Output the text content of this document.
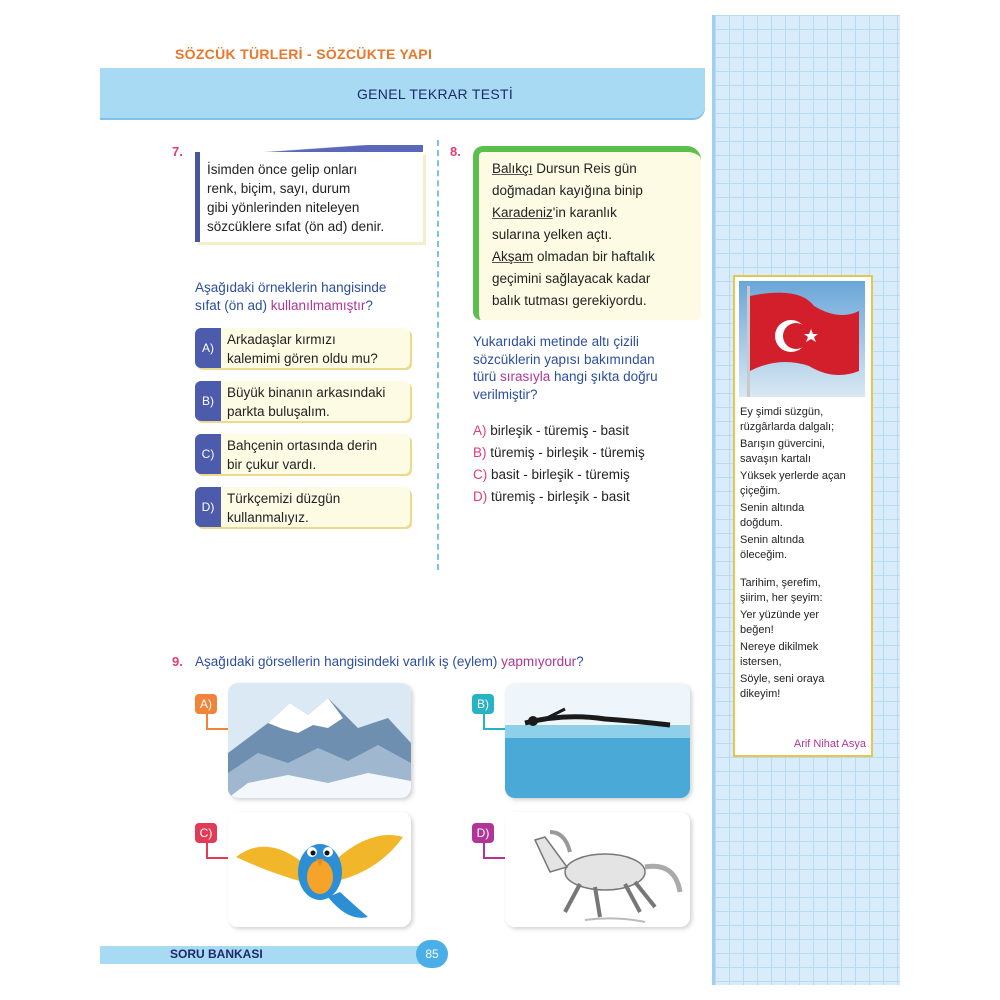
SÖZCÜK TÜRLERİ - SÖZCÜKTE YAPI
GENEL TEKRAR TESTİ
7.
İsimden önce gelip onları
renk, biçim, sayı, durum
gibi yönlerinden niteleyen
sözcüklere sıfat (ön ad) denir.
Aşağıdaki örneklerin hangisinde
sıfat (ön ad) kullanılmamıştır?
A)
Arkadaşlar kırmızı
kalemimi gören oldu mu?
B)
Büyük binanın arkasındaki
parkta buluşalım.
C)
Bahçenin ortasında derin
bir çukur vardı.
D)
Türkçemizi düzgün
kullanmalıyız.
8.
Balıkçı Dursun Reis gün
doğmadan kayığına binip
Karadeniz'in karanlık
sularına yelken açtı.
Akşam olmadan bir haftalık
geçimini sağlayacak kadar
balık tutması gerekiyordu.
Yukarıdaki metinde altı çizili
sözcüklerin yapısı bakımından
türü sırasıyla hangi şıkta doğru
verilmiştir?
A) birleşik - türemiş - basit
B) türemiş - birleşik - türemiş
C) basit - birleşik - türemiş
D) türemiş - birleşik - basit
9. Aşağıdaki görsellerin hangisindeki varlık iş (eylem) yapmıyordur?
A)	B)
C)	D)
Ey şimdi süzgün,
rüzgârlarda dalgalı;
Barışın güvercini,
savaşın kartalı
Yüksek yerlerde açan
çiçeğim.
Senin altında
doğdum.
Senin altında
öleceğim.
Tarihim, şerefim,
şiirim, her şeyim:
Yer yüzünde yer
beğen!
Nereye dikilmek
istersen,
Söyle, seni oraya
dikeyim!
Arif Nihat Asya
SORU BANKASI	85
